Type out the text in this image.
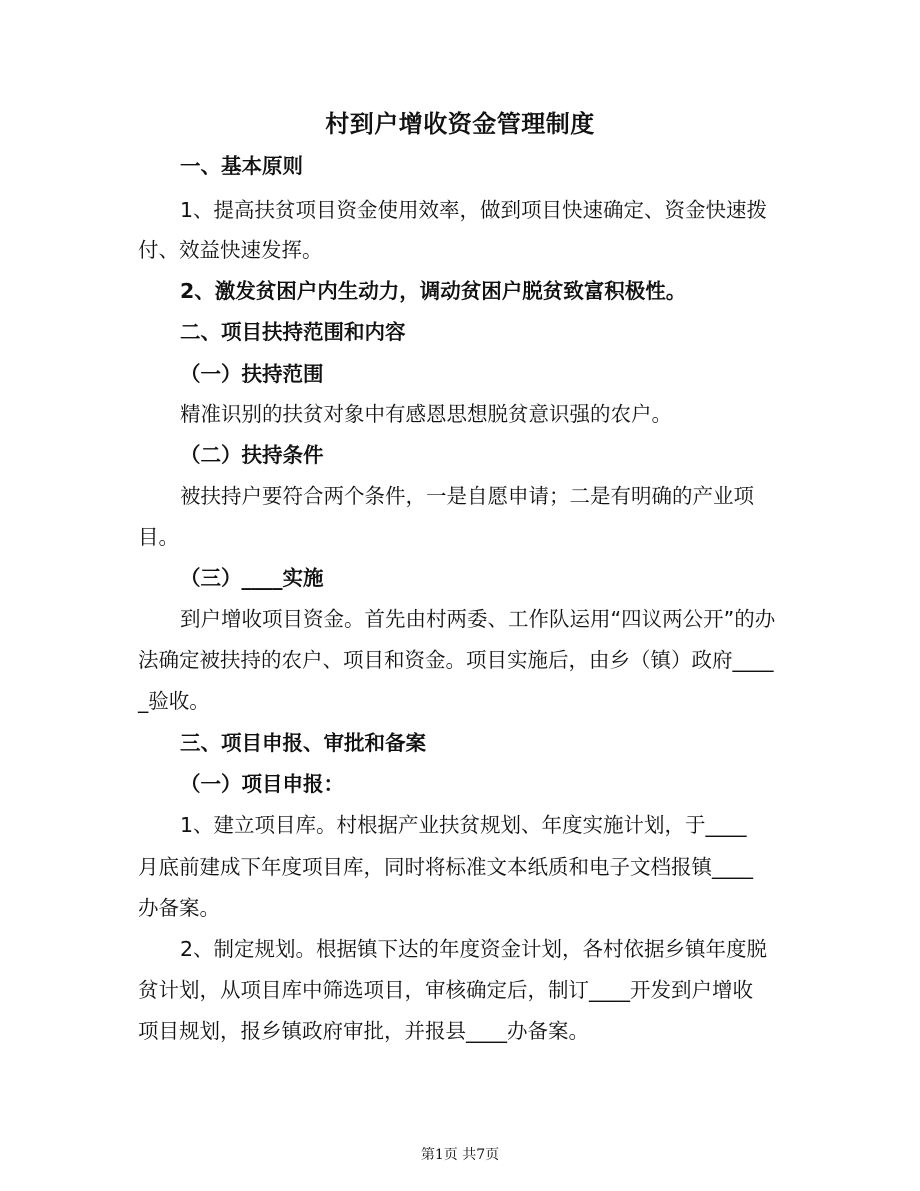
村到户增收资金管理制度
一、基本原则
1、提高扶贫项目资金使用效率，做到项目快速确定、资金快速拨
付、效益快速发挥。
2、激发贫困户内生动力，调动贫困户脱贫致富积极性。
二、项目扶持范围和内容
（一）扶持范围
精准识别的扶贫对象中有感恩思想脱贫意识强的农户。
（二）扶持条件
被扶持户要符合两个条件，一是自愿申请；二是有明确的产业项
目。
（三）____实施
到户增收项目资金。首先由村两委、工作队运用“四议两公开”的办
法确定被扶持的农户、项目和资金。项目实施后，由乡（镇）政府____
_验收。
三、项目申报、审批和备案
（一）项目申报：
1、建立项目库。村根据产业扶贫规划、年度实施计划，于____
月底前建成下年度项目库，同时将标准文本纸质和电子文档报镇____
办备案。
2、制定规划。根据镇下达的年度资金计划，各村依据乡镇年度脱
贫计划，从项目库中筛选项目，审核确定后，制订____开发到户增收
项目规划，报乡镇政府审批，并报县____办备案。
第1页 共7页
